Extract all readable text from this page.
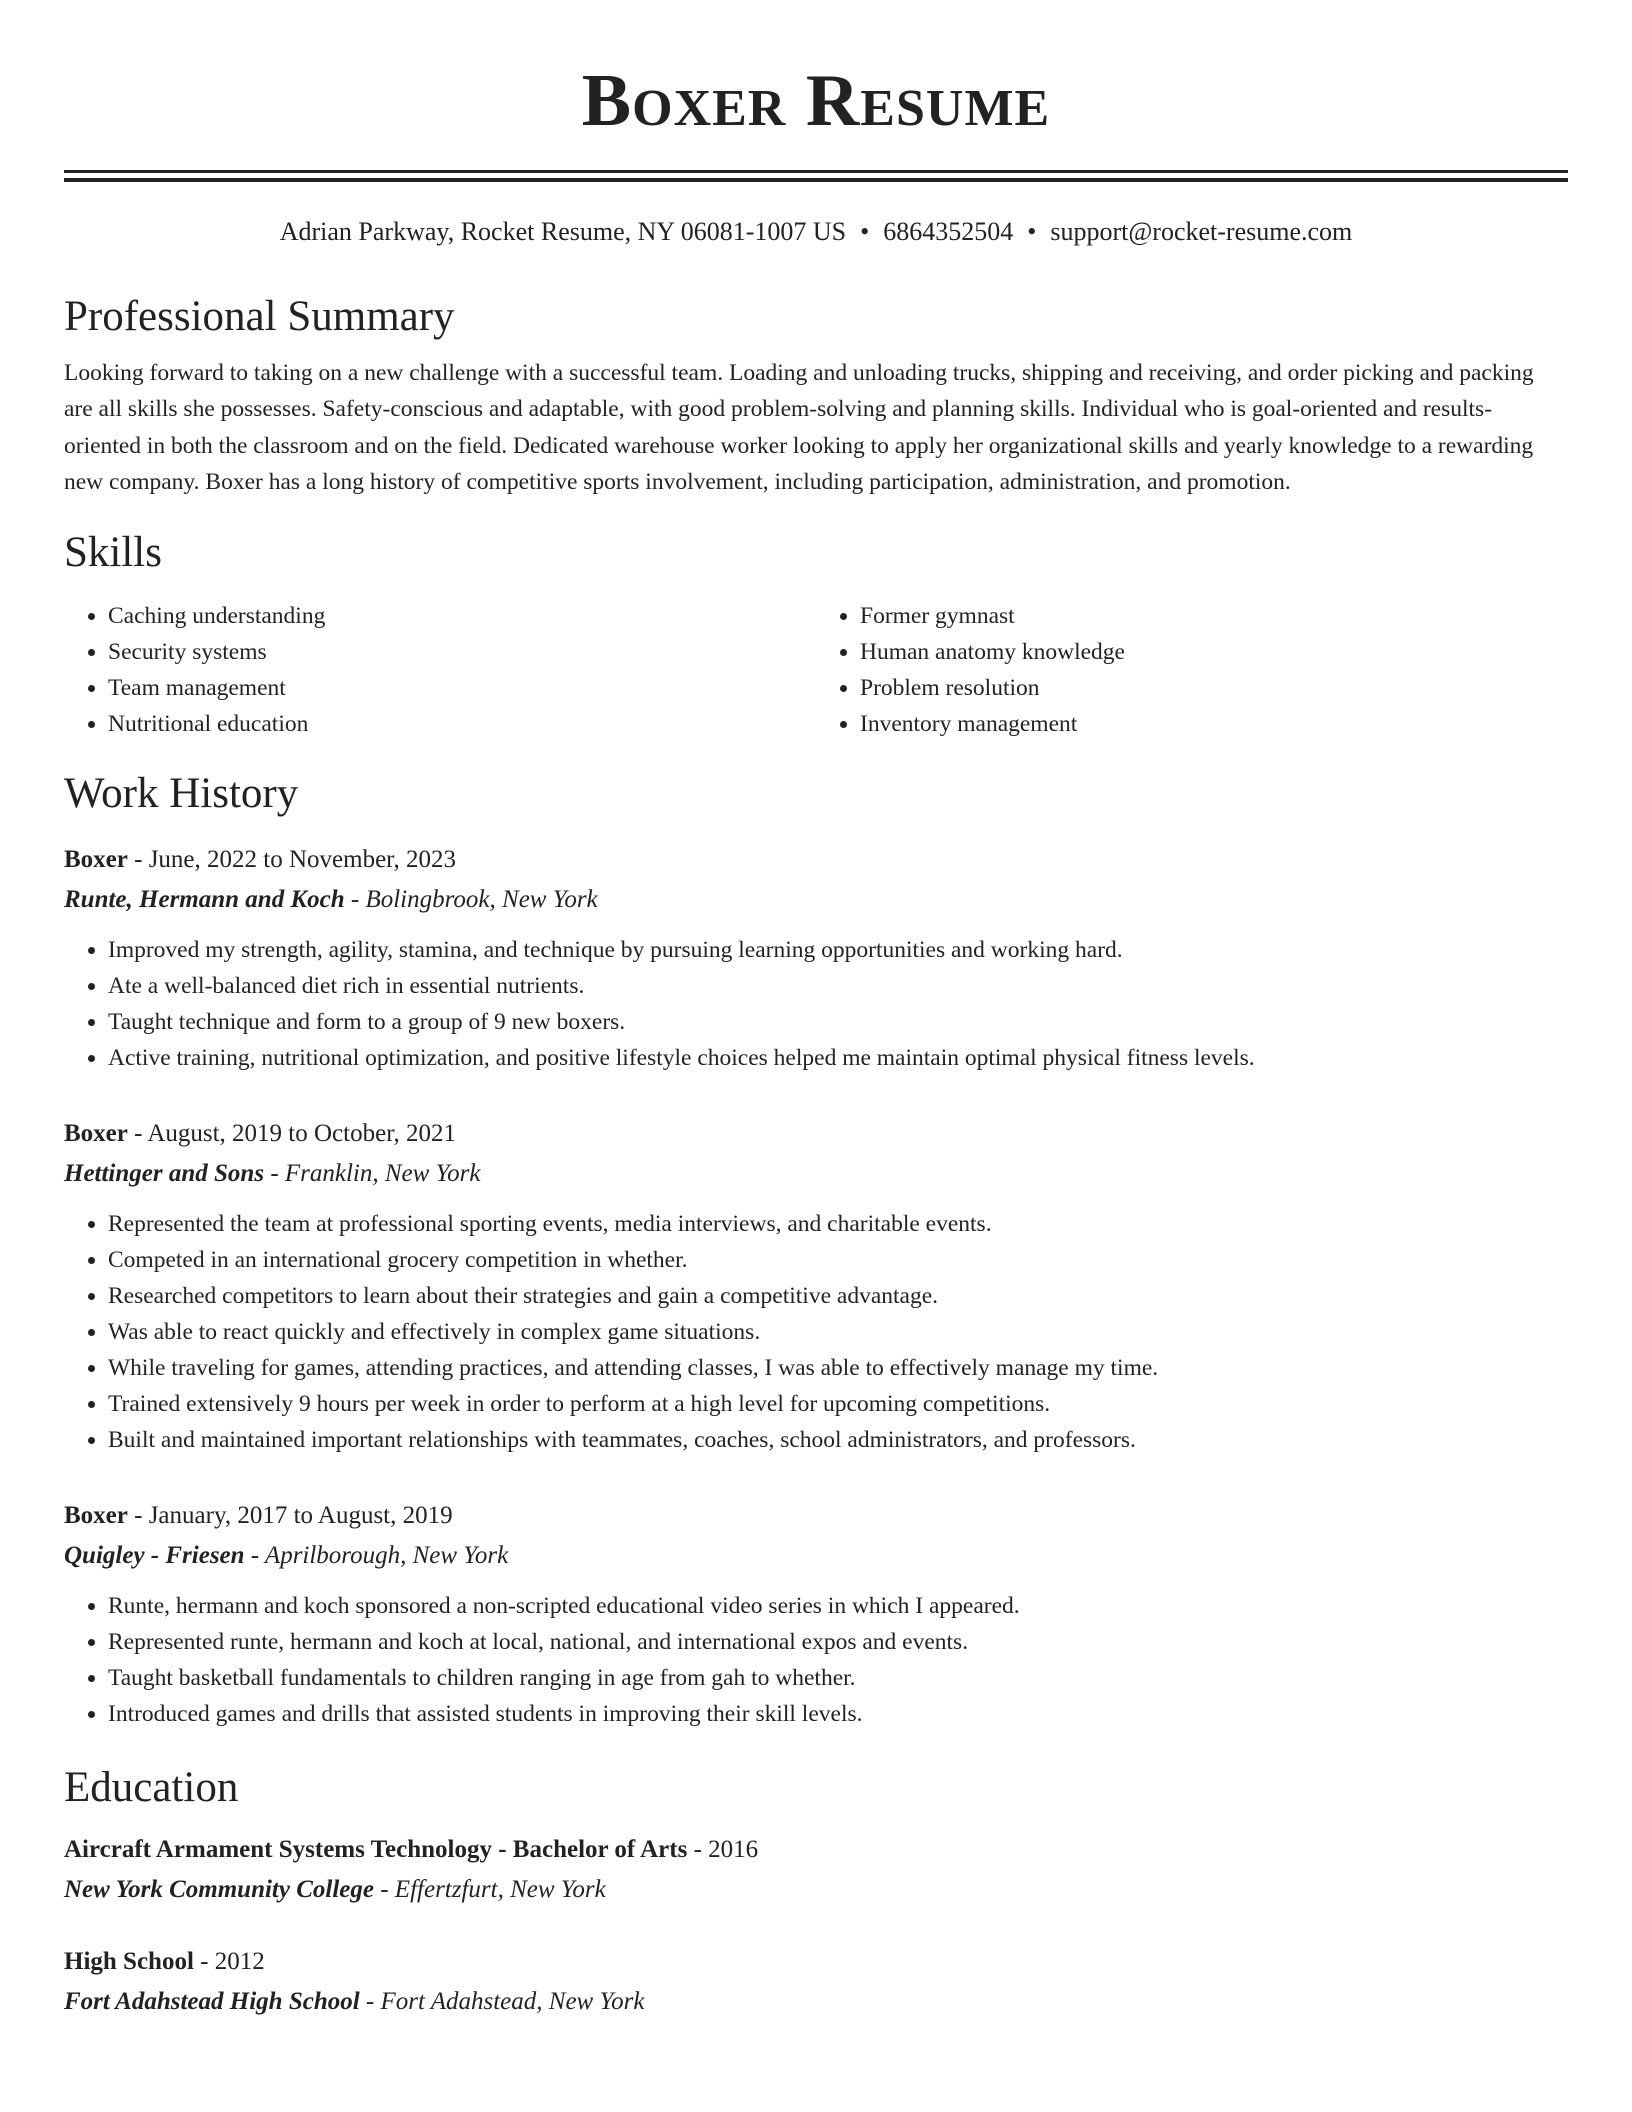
Boxer Resume
Adrian Parkway, Rocket Resume, NY 06081-1007 US • 6864352504 • support@rocket-resume.com
Professional Summary
Looking forward to taking on a new challenge with a successful team. Loading and unloading trucks, shipping and receiving, and order picking and packing are all skills she possesses. Safety-conscious and adaptable, with good problem-solving and planning skills. Individual who is goal-oriented and results-oriented in both the classroom and on the field. Dedicated warehouse worker looking to apply her organizational skills and yearly knowledge to a rewarding new company. Boxer has a long history of competitive sports involvement, including participation, administration, and promotion.
Skills
• Caching understanding
• Security systems
• Team management
• Nutritional education
• Former gymnast
• Human anatomy knowledge
• Problem resolution
• Inventory management
Work History
Boxer - June, 2022 to November, 2023
Runte, Hermann and Koch - Bolingbrook, New York
• Improved my strength, agility, stamina, and technique by pursuing learning opportunities and working hard.
• Ate a well-balanced diet rich in essential nutrients.
• Taught technique and form to a group of 9 new boxers.
• Active training, nutritional optimization, and positive lifestyle choices helped me maintain optimal physical fitness levels.
Boxer - August, 2019 to October, 2021
Hettinger and Sons - Franklin, New York
• Represented the team at professional sporting events, media interviews, and charitable events.
• Competed in an international grocery competition in whether.
• Researched competitors to learn about their strategies and gain a competitive advantage.
• Was able to react quickly and effectively in complex game situations.
• While traveling for games, attending practices, and attending classes, I was able to effectively manage my time.
• Trained extensively 9 hours per week in order to perform at a high level for upcoming competitions.
• Built and maintained important relationships with teammates, coaches, school administrators, and professors.
Boxer - January, 2017 to August, 2019
Quigley - Friesen - Aprilborough, New York
• Runte, hermann and koch sponsored a non-scripted educational video series in which I appeared.
• Represented runte, hermann and koch at local, national, and international expos and events.
• Taught basketball fundamentals to children ranging in age from gah to whether.
• Introduced games and drills that assisted students in improving their skill levels.
Education
Aircraft Armament Systems Technology - Bachelor of Arts - 2016
New York Community College - Effertzfurt, New York
High School - 2012
Fort Adahstead High School - Fort Adahstead, New York
